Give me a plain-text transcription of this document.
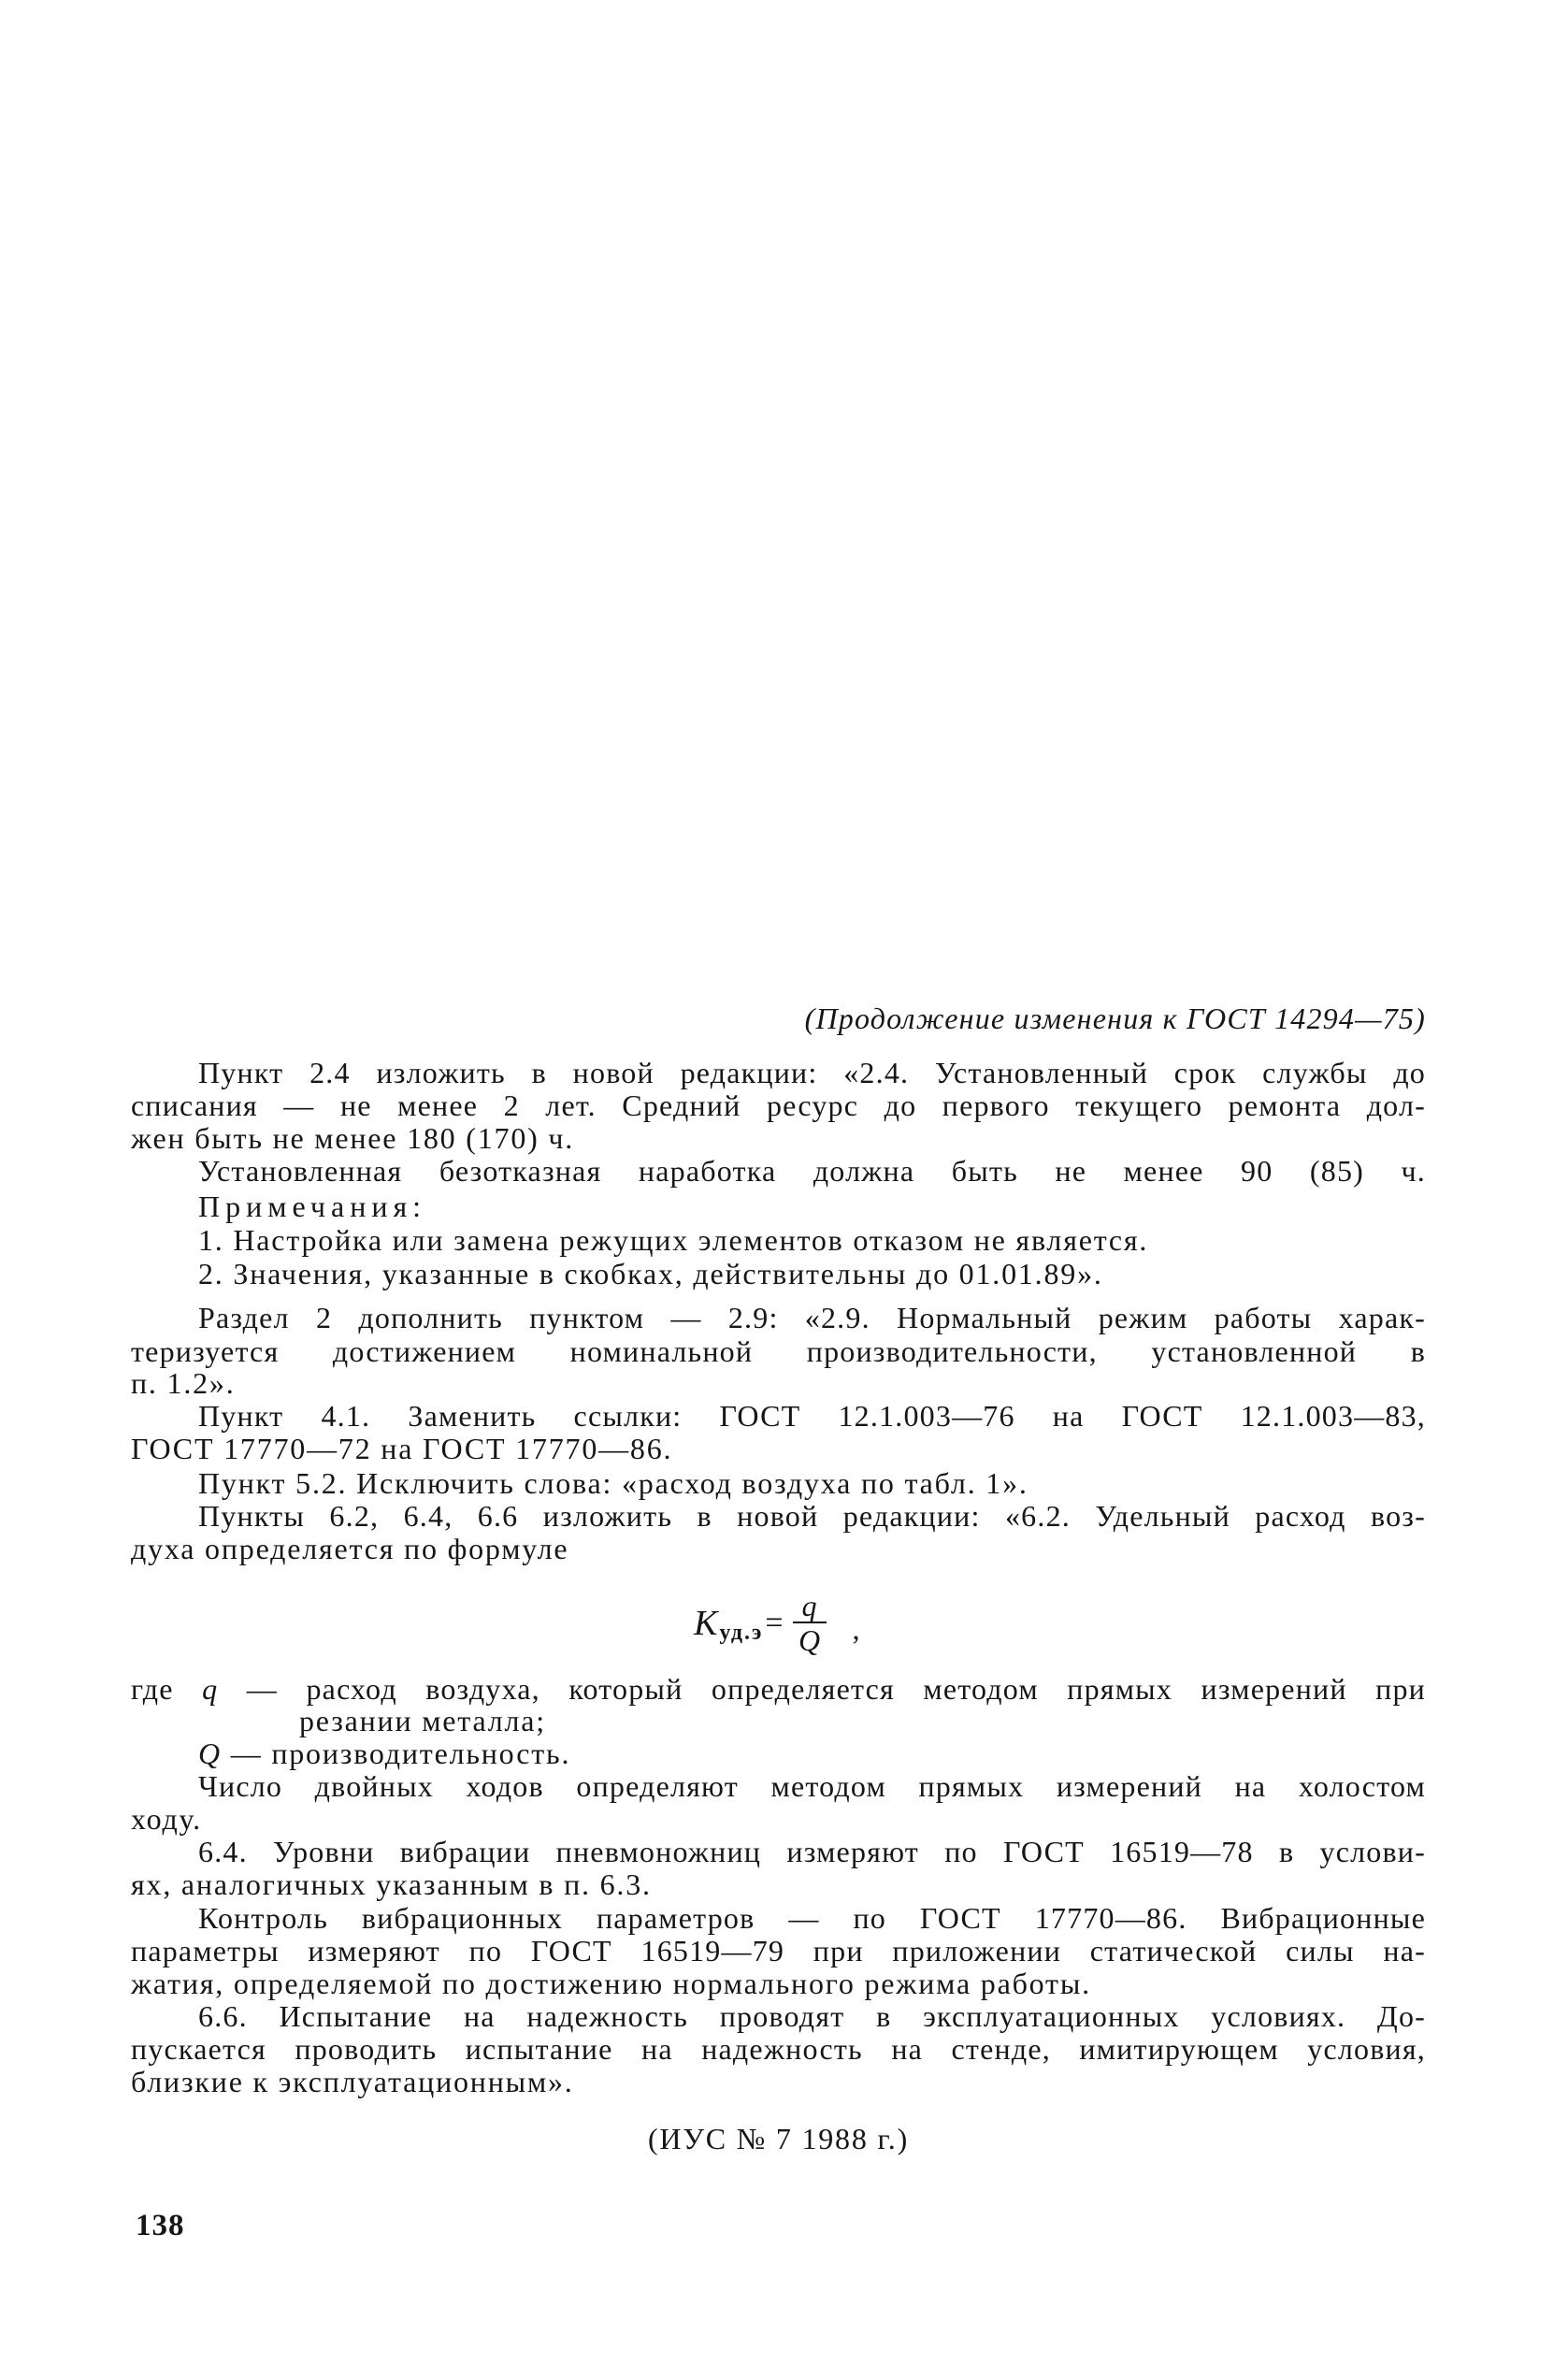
(Продолжение изменения к ГОСТ 14294—75)
Пункт 2.4 изложить в новой редакции: «2.4. Установленный срок службы до
списания — не менее 2 лет. Средний ресурс до первого текущего ремонта дол-
жен быть не менее 180 (170) ч.
Установленная безотказная наработка должна быть не менее 90 (85) ч.
Примечания:
1. Настройка или замена режущих элементов отказом не является.
2. Значения, указанные в скобках, действительны до 01.01.89».
Раздел 2 дополнить пунктом — 2.9: «2.9. Нормальный режим работы харак-
теризуется достижением номинальной производительности, установленной в
п. 1.2».
Пункт 4.1. Заменить ссылки: ГОСТ 12.1.003—76 на ГОСТ 12.1.003—83,
ГОСТ 17770—72 на ГОСТ 17770—86.
Пункт 5.2. Исключить слова: «расход воздуха по табл. 1».
Пункты 6.2, 6.4, 6.6 изложить в новой редакции: «6.2. Удельный расход воз-
духа определяется по формуле
K $уд.э = \frac{q}{Q}$ ,
где q — расход воздуха, который определяется методом прямых измерений при
резании металла;
Q — производительность.
Число двойных ходов определяют методом прямых измерений на холостом
ходу.
6.4. Уровни вибрации пневмоножниц измеряют по ГОСТ 16519—78 в услови-
ях, аналогичных указанным в п. 6.3.
Контроль вибрационных параметров — по ГОСТ 17770—86. Вибрационные
параметры измеряют по ГОСТ 16519—79 при приложении статической силы на-
жатия, определяемой по достижению нормального режима работы.
6.6. Испытание на надежность проводят в эксплуатационных условиях. До-
пускается проводить испытание на надежность на стенде, имитирующем условия,
близкие к эксплуатационным».
(ИУС № 7 1988 г.)
138
